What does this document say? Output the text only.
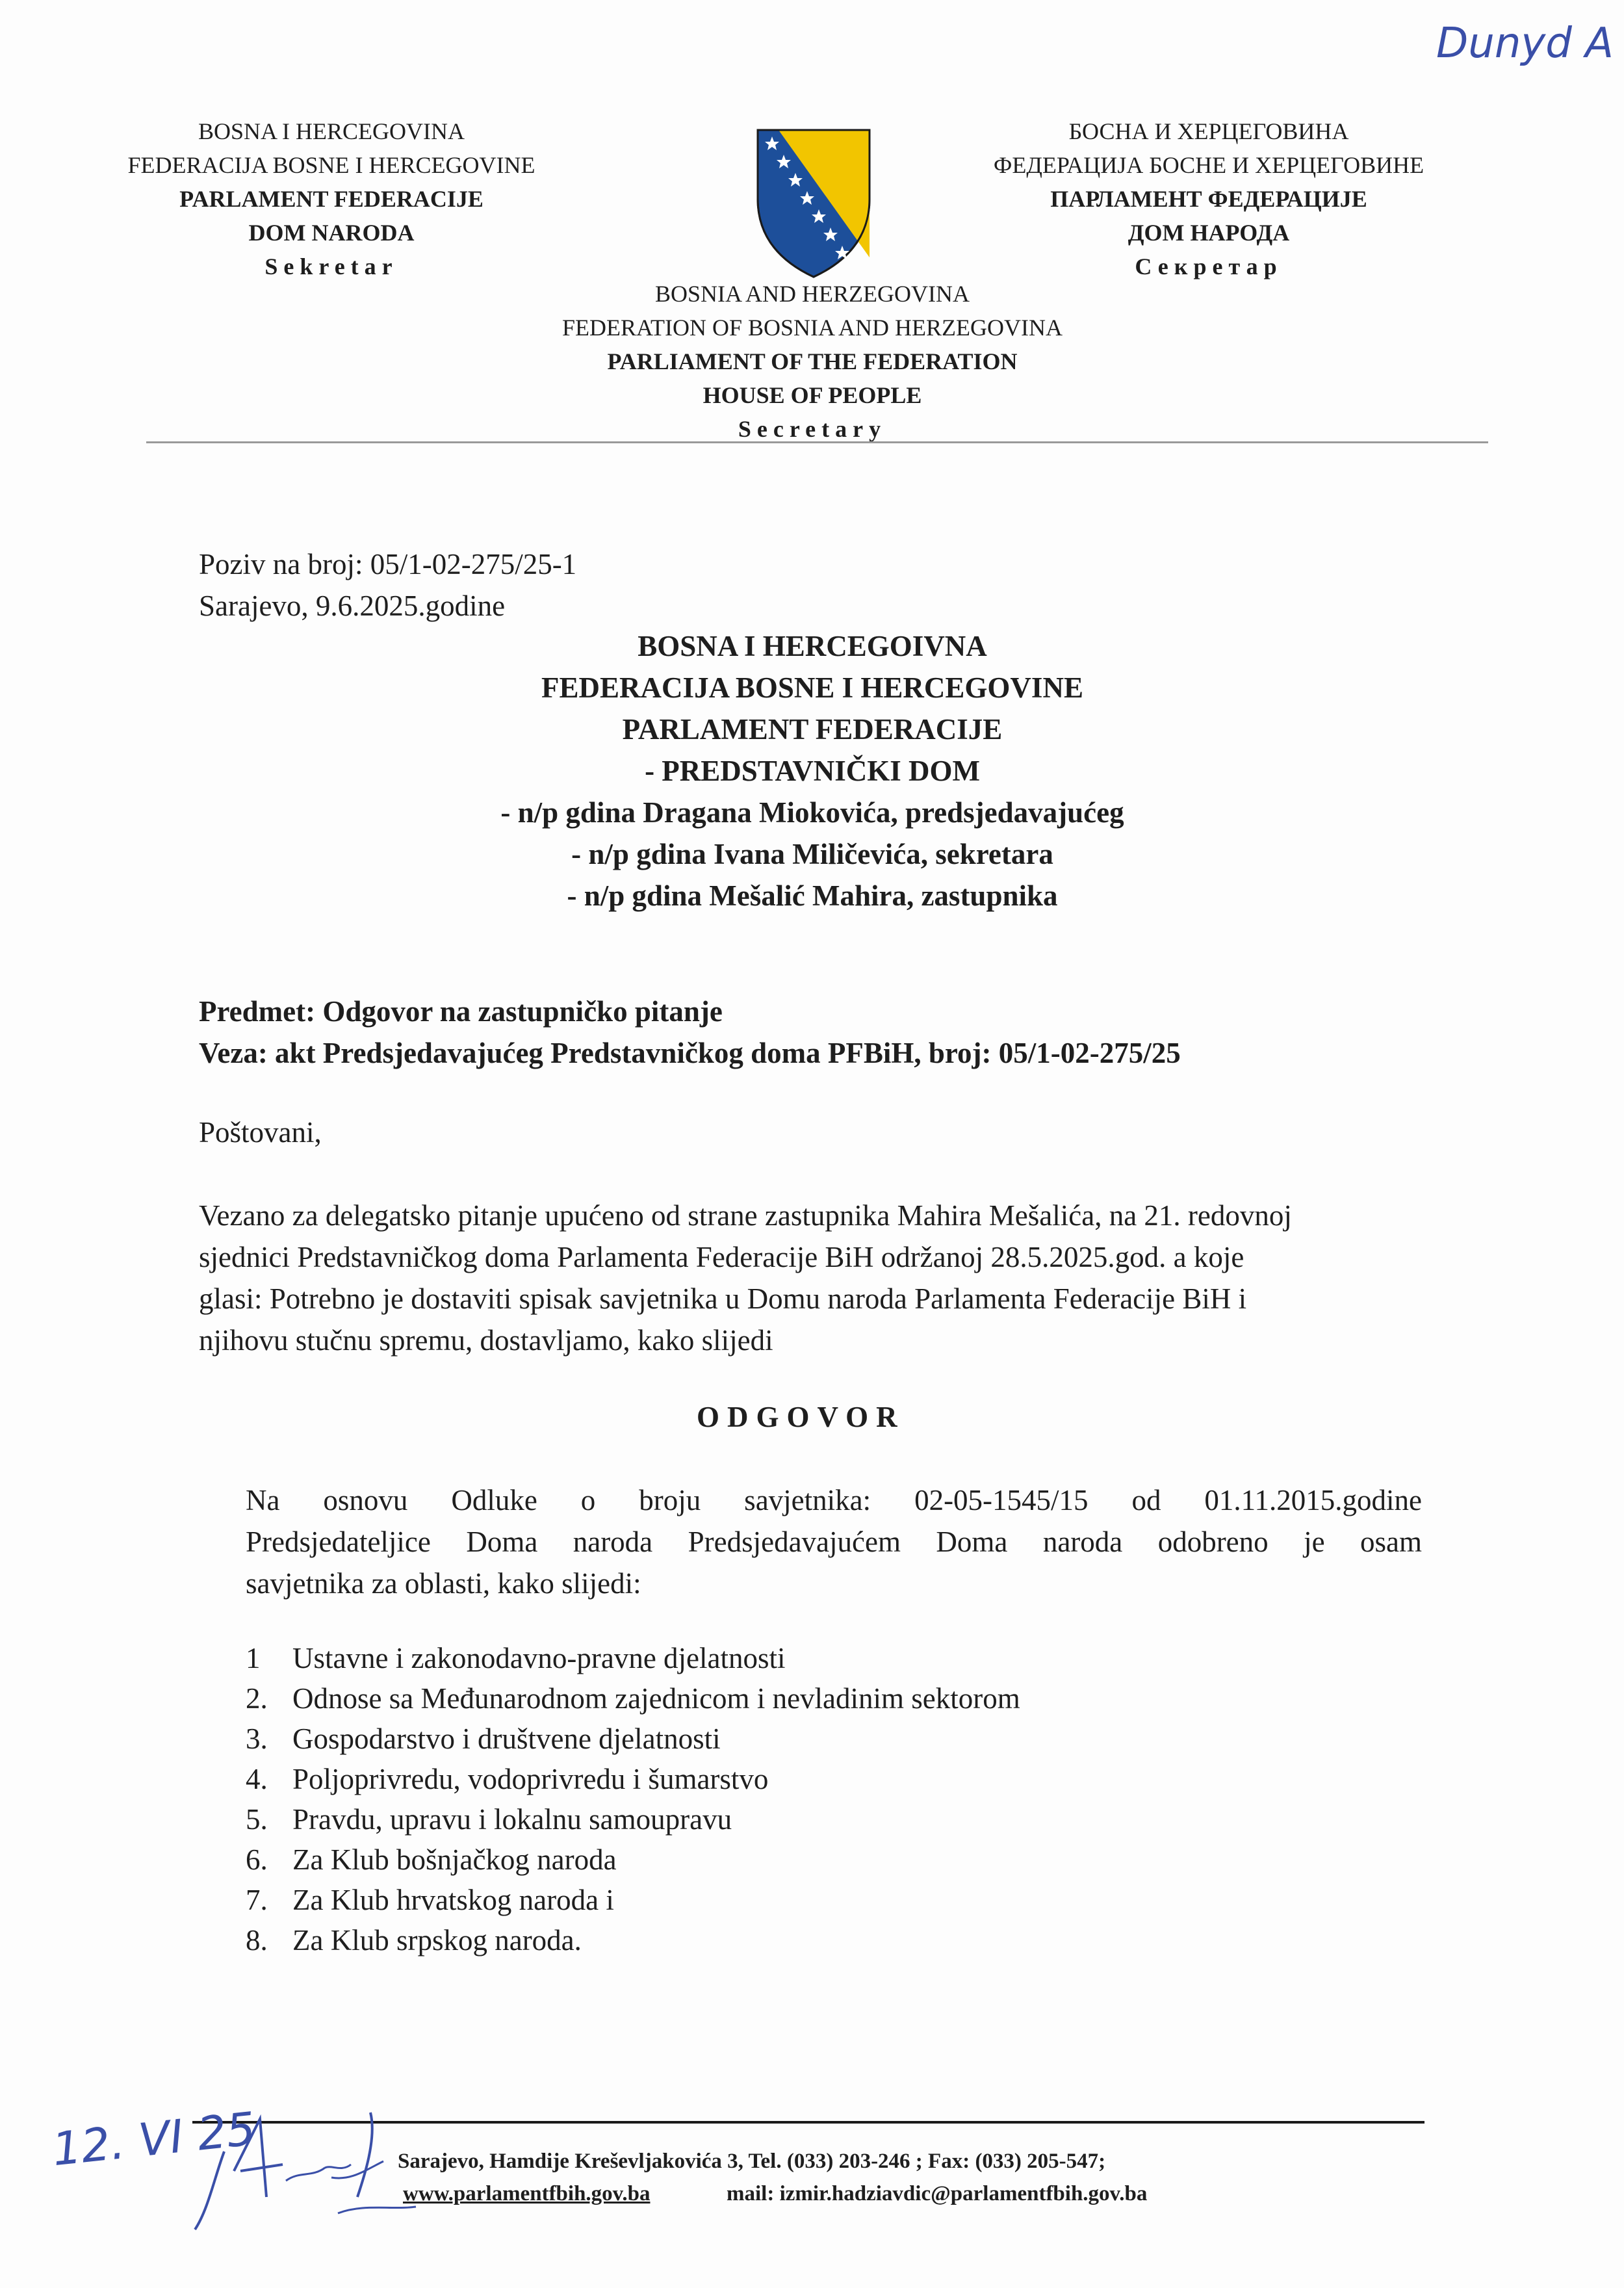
Dunyd A
BOSNA I HERCEGOVINA
FEDERACIJA BOSNE I HERCEGOVINE
PARLAMENT FEDERACIJE
DOM NARODA
Sekretar
БОСНА И ХЕРЦЕГОВИНА
ФЕДЕРАЦИЈА БОСНЕ И ХЕРЦЕГОВИНЕ
ПАРЛАМЕНТ ФЕДЕРАЦИЈЕ
ДОМ НАРОДА
Секретар
BOSNIA AND HERZEGOVINA
FEDERATION OF BOSNIA AND HERZEGOVINA
PARLIAMENT OF THE FEDERATION
HOUSE OF PEOPLE
Secretary
Poziv na broj: 05/1-02-275/25-1
Sarajevo, 9.6.2025.godine
BOSNA I HERCEGOIVNA
FEDERACIJA BOSNE I HERCEGOVINE
PARLAMENT FEDERACIJE
- PREDSTAVNIČKI DOM
- n/p gdina Dragana Miokovića, predsjedavajućeg
- n/p gdina Ivana Miličevića, sekretara
- n/p gdina Mešalić Mahira, zastupnika
Predmet: Odgovor na zastupničko pitanje
Veza: akt Predsjedavajućeg Predstavničkog doma PFBiH, broj: 05/1-02-275/25
Poštovani,
Vezano za delegatsko pitanje upućeno od strane zastupnika Mahira Mešalića, na 21. redovnoj
sjednici Predstavničkog doma Parlamenta Federacije BiH održanoj 28.5.2025.god. a koje
glasi: Potrebno je dostaviti spisak savjetnika u Domu naroda Parlamenta Federacije BiH i
njihovu stučnu spremu, dostavljamo, kako slijedi
ODGOVOR
Na osnovu Odluke o broju savjetnika: 02-05-1545/15 od 01.11.2015.godine
Predsjedateljice Doma naroda Predsjedavajućem Doma naroda odobreno je osam
savjetnika za oblasti, kako slijedi:
1 Ustavne i zakonodavno-pravne djelatnosti
2. Odnose sa Međunarodnom zajednicom i nevladinim sektorom
3. Gospodarstvo i društvene djelatnosti
4. Poljoprivredu, vodoprivredu i šumarstvo
5. Pravdu, upravu i lokalnu samoupravu
6. Za Klub bošnjačkog naroda
7. Za Klub hrvatskog naroda i
8. Za Klub srpskog naroda.
Sarajevo, Hamdije Kreševljakovića 3, Tel. (033) 203-246 ; Fax: (033) 205-547;
www.parlamentfbih.gov.ba	mail: izmir.hadziavdic@parlamentfbih.gov.ba
12. VI 25
